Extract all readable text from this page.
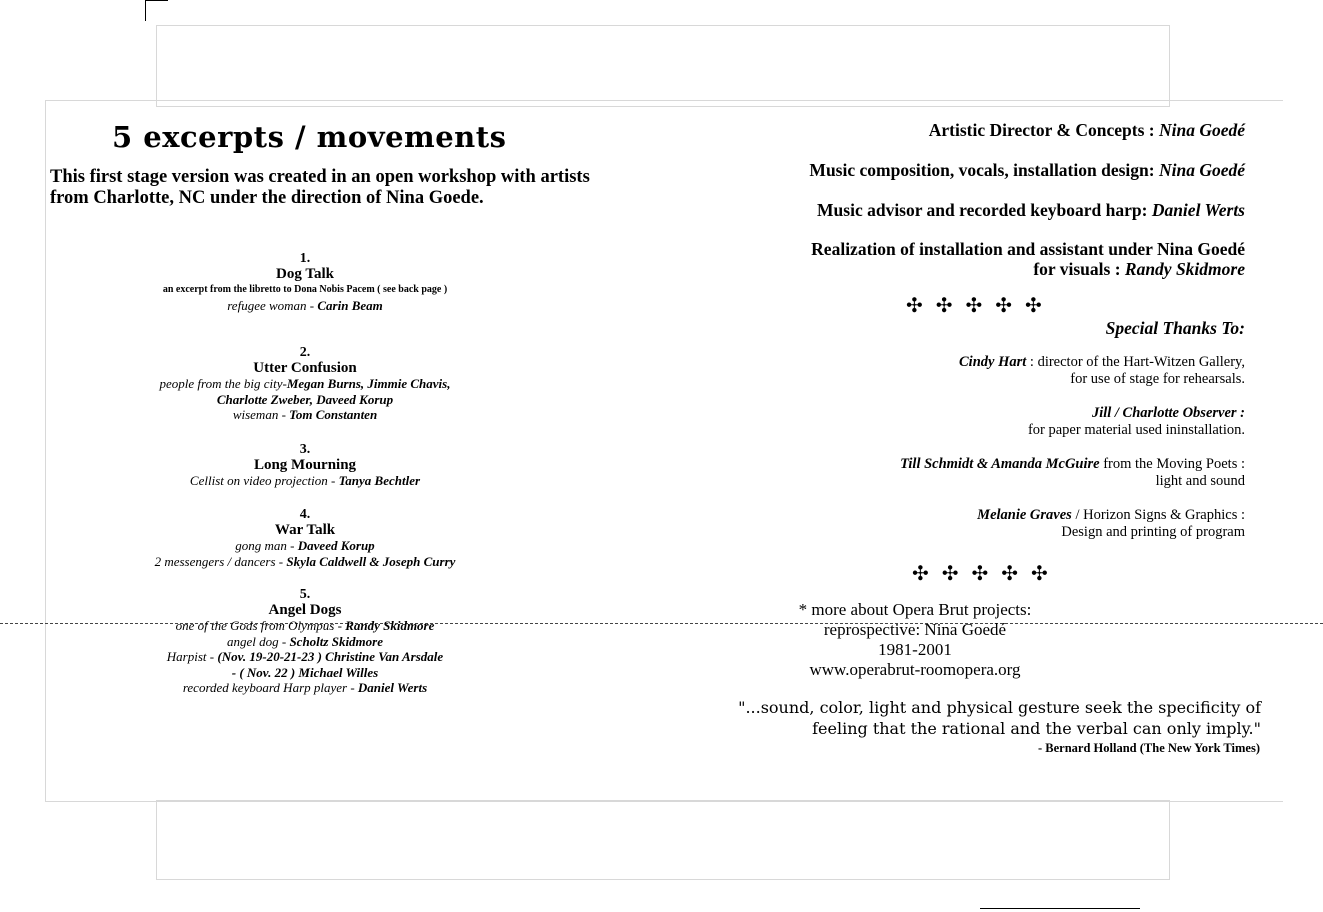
5 excerpts / movements

This first stage version was created in an open workshop with artists from Charlotte, NC under the direction of Nina Goede.

1.
Dog Talk
an excerpt from the libretto to Dona Nobis Pacem ( see back page )
refugee woman - Carin Beam
2.
Utter Confusion
people from the big city-Megan Burns, Jimmie Chavis,
Charlotte Zweber, Daveed Korup
wiseman - Tom Constanten
3.
Long Mourning
Cellist on video projection - Tanya Bechtler
4.
War Talk
gong man - Daveed Korup
2 messengers / dancers - Skyla Caldwell & Joseph Curry
5.
Angel Dogs
one of the Gods from Olympus - Randy Skidmore
angel dog - Scholtz Skidmore
Harpist - (Nov. 19-20-21-23 ) Christine Van Arsdale
- ( Nov. 22 ) Michael Willes
recorded keyboard Harp player - Daniel Werts
Artistic Director & Concepts : Nina Goedé
Music composition, vocals, installation design: Nina Goedé
Music advisor and recorded keyboard harp: Daniel Werts
Realization of installation and assistant under Nina Goedé
for visuals : Randy Skidmore
✣ ✣ ✣ ✣ ✣
Special Thanks To:
Cindy Hart : director of the Hart-Witzen Gallery,
for use of stage for rehearsals.
Jill / Charlotte Observer :
for paper material used ininstallation.
Till Schmidt & Amanda McGuire from the Moving Poets :
light and sound
Melanie Graves / Horizon Signs & Graphics :
Design and printing of program
✣ ✣ ✣ ✣ ✣
* more about Opera Brut projects:
reprospective: Nina Goedé
1981-2001
www.operabrut-roomopera.org
"...sound, color, light and physical gesture seek the specificity of
feeling that the rational and the verbal can only imply."
- Bernard Holland (The New York Times)
